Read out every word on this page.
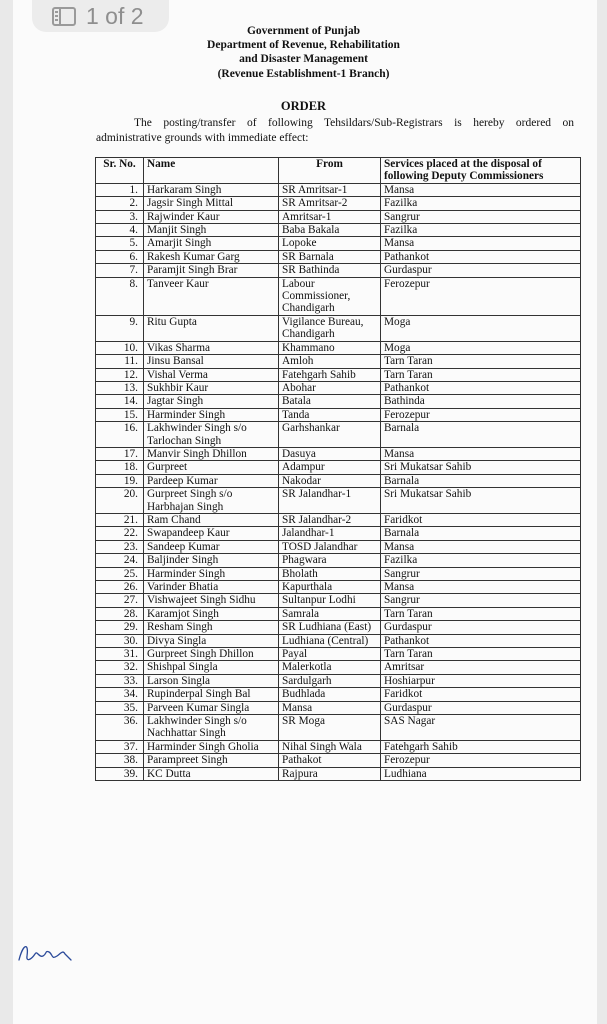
1 of 2
Government of Punjab
Department of Revenue, Rehabilitation
and Disaster Management
(Revenue Establishment-1 Branch)
ORDER
The posting/transfer of following Tehsildars/Sub-Registrars is hereby ordered on administrative grounds with immediate effect:
Sr. No.	Name	From	Services placed at the disposal of following Deputy Commissioners
1.	Harkaram Singh	SR Amritsar-1	Mansa
2.	Jagsir Singh Mittal	SR Amritsar-2	Fazilka
3.	Rajwinder Kaur	Amritsar-1	Sangrur
4.	Manjit Singh	Baba Bakala	Fazilka
5.	Amarjit Singh	Lopoke	Mansa
6.	Rakesh Kumar Garg	SR Barnala	Pathankot
7.	Paramjit Singh Brar	SR Bathinda	Gurdaspur
8.	Tanveer Kaur	Labour Commissioner, Chandigarh	Ferozepur
9.	Ritu Gupta	Vigilance Bureau, Chandigarh	Moga
10.	Vikas Sharma	Khammano	Moga
11.	Jinsu Bansal	Amloh	Tarn Taran
12.	Vishal Verma	Fatehgarh Sahib	Tarn Taran
13.	Sukhbir Kaur	Abohar	Pathankot
14.	Jagtar Singh	Batala	Bathinda
15.	Harminder Singh	Tanda	Ferozepur
16.	Lakhwinder Singh s/o Tarlochan Singh	Garhshankar	Barnala
17.	Manvir Singh Dhillon	Dasuya	Mansa
18.	Gurpreet	Adampur	Sri Mukatsar Sahib
19.	Pardeep Kumar	Nakodar	Barnala
20.	Gurpreet Singh s/o Harbhajan Singh	SR Jalandhar-1	Sri Mukatsar Sahib
21.	Ram Chand	SR Jalandhar-2	Faridkot
22.	Swapandeep Kaur	Jalandhar-1	Barnala
23.	Sandeep Kumar	TOSD Jalandhar	Mansa
24.	Baljinder Singh	Phagwara	Fazilka
25.	Harminder Singh	Bholath	Sangrur
26.	Varinder Bhatia	Kapurthala	Mansa
27.	Vishwajeet Singh Sidhu	Sultanpur Lodhi	Sangrur
28.	Karamjot Singh	Samrala	Tarn Taran
29.	Resham Singh	SR Ludhiana (East)	Gurdaspur
30.	Divya Singla	Ludhiana (Central)	Pathankot
31.	Gurpreet Singh Dhillon	Payal	Tarn Taran
32.	Shishpal Singla	Malerkotla	Amritsar
33.	Larson Singla	Sardulgarh	Hoshiarpur
34.	Rupinderpal Singh Bal	Budhlada	Faridkot
35.	Parveen Kumar Singla	Mansa	Gurdaspur
36.	Lakhwinder Singh s/o Nachhattar Singh	SR Moga	SAS Nagar
37.	Harminder Singh Gholia	Nihal Singh Wala	Fatehgarh Sahib
38.	Parampreet Singh	Pathakot	Ferozepur
39.	KC Dutta	Rajpura	Ludhiana
